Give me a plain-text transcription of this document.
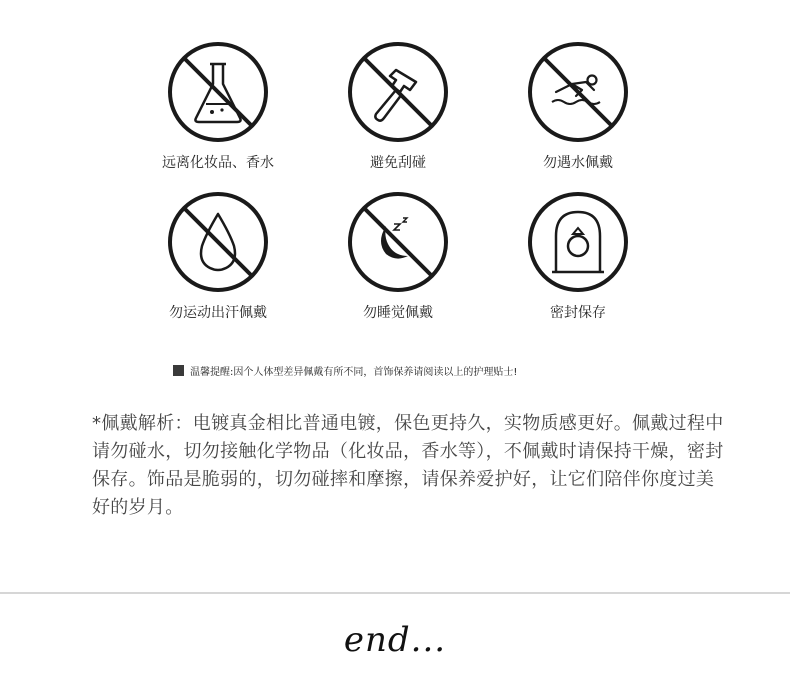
远离化妆品、香水	避免刮碰	勿遇水佩戴
勿运动出汗佩戴	勿睡觉佩戴	密封保存
温馨提醒:因个人体型差异佩戴有所不同，首饰保养请阅读以上的护理贴士!
*佩戴解析：电镀真金相比普通电镀，保色更持久，实物质感更好。佩戴过程中请勿碰水，切勿接触化学物品（化妆品，香水等），不佩戴时请保持干燥，密封保存。饰品是脆弱的，切勿碰摔和摩擦，请保养爱护好，让它们陪伴你度过美好的岁月。
end...
